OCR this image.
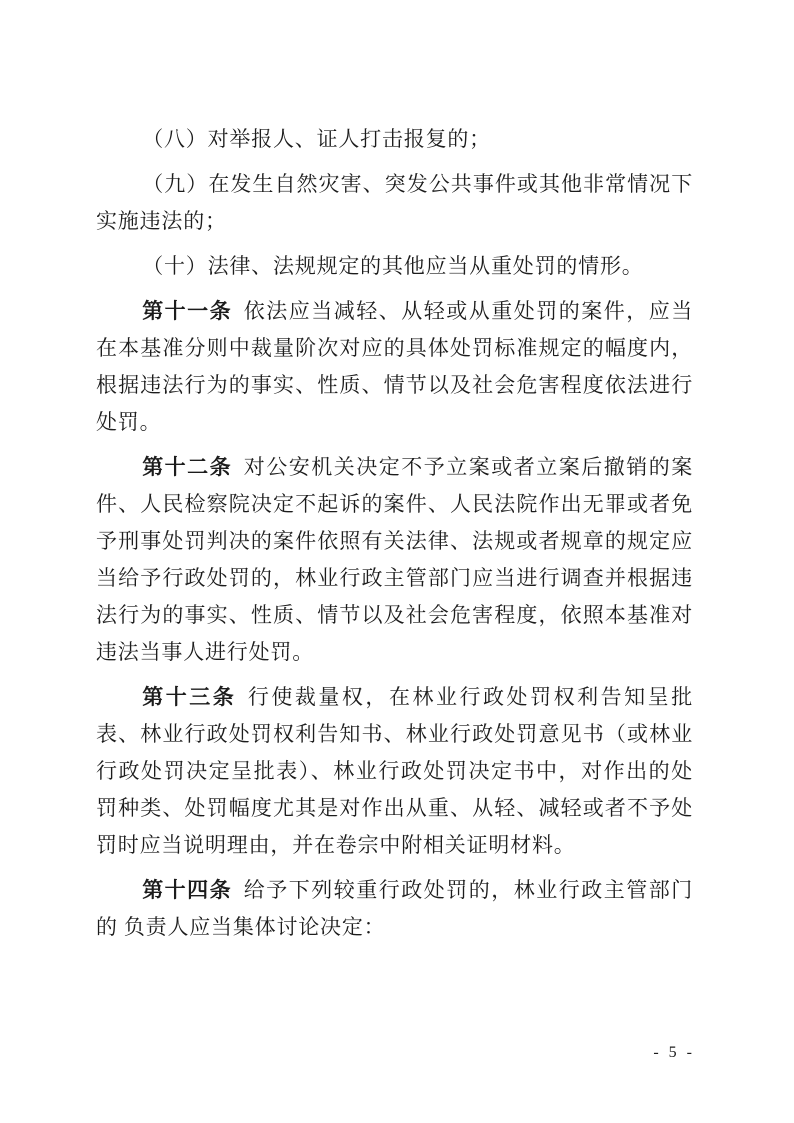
（八）对举报人、证人打击报复的；

（九）在发生自然灾害、突发公共事件或其他非常情况下实施违法的；

（十）法律、法规规定的其他应当从重处罚的情形。

第十一条 依法应当减轻、从轻或从重处罚的案件，应当在本基准分则中裁量阶次对应的具体处罚标准规定的幅度内，根据违法行为的事实、性质、情节以及社会危害程度依法进行处罚。

第十二条 对公安机关决定不予立案或者立案后撤销的案件、人民检察院决定不起诉的案件、人民法院作出无罪或者免予刑事处罚判决的案件依照有关法律、法规或者规章的规定应当给予行政处罚的，林业行政主管部门应当进行调查并根据违法行为的事实、性质、情节以及社会危害程度，依照本基准对违法当事人进行处罚。

第十三条 行使裁量权，在林业行政处罚权利告知呈批表、林业行政处罚权利告知书、林业行政处罚意见书（或林业行政处罚决定呈批表）、林业行政处罚决定书中，对作出的处罚种类、处罚幅度尤其是对作出从重、从轻、减轻或者不予处罚时应当说明理由，并在卷宗中附相关证明材料。

第十四条 给予下列较重行政处罚的，林业行政主管部门的 负责人应当集体讨论决定：

- 5 -
